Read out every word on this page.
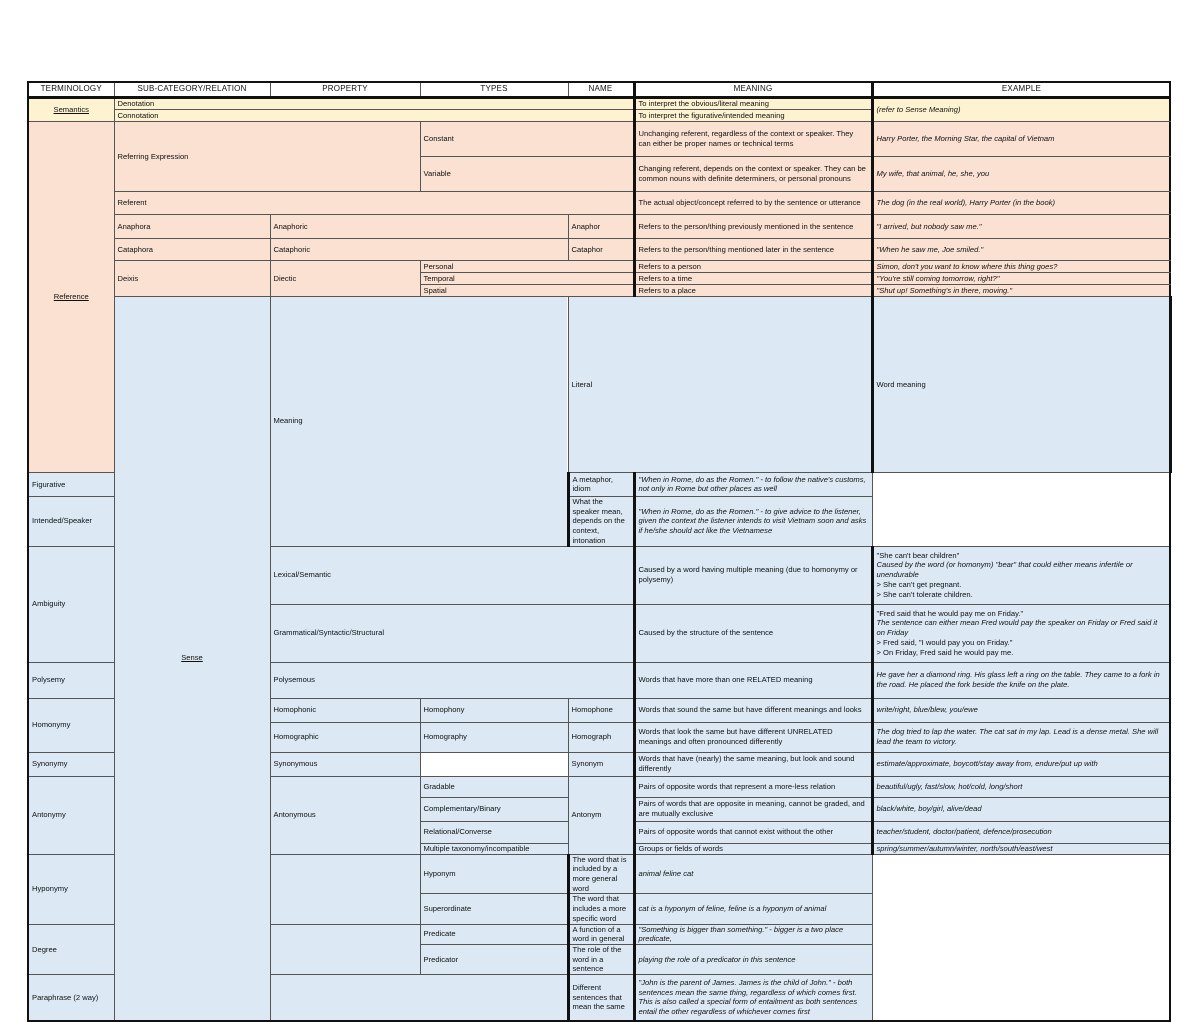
TERMINOLOGY	SUB-CATEGORY/RELATION	PROPERTY	TYPES	NAME	MEANING	EXAMPLE	
Semantics	Denotation				To interpret the obvious/literal meaning	(refer to Sense Meaning)	
	Connotation				To interpret the figurative/intended meaning		
Reference	Referring Expression		Constant		Unchanging referent, regardless of the context or speaker. They can either be proper names or technical terms	Harry Porter, the Morning Star, the capital of Vietnam	
			Variable		Changing referent, depends on the context or speaker. They can be common nouns with definite determiners, or personal pronouns	My wife, that animal, he, she, you	
	Referent				The actual object/concept referred to by the sentence or utterance	The dog (in the real world), Harry Porter (in the book)	
	Anaphora	Anaphoric		Anaphor	Refers to the person/thing previously mentioned in the sentence	"I arrived, but nobody saw me."	
	Cataphora	Cataphoric		Cataphor	Refers to the person/thing mentioned later in the sentence	"When he saw me, Joe smiled."	
	Deixis	Diectic	Personal		Refers to a person	Simon, don't you want to know where this thing goes?	
			Temporal		Refers to a time	"You're still coming tomorrow, right?"	
			Spatial		Refers to a place	"Shut up! Something's in there, moving."	
	Sense	Meaning		Literal		Word meaning	
Figurative				A metaphor, idiom	"When in Rome, do as the Romen." - to follow the native's customs, not only in Rome but other places as well		
Intended/Speaker				What the speaker mean, depends on the context, intonation	"When in Rome, do as the Romen." - to give advice to the listener, given the context the listener intends to visit Vietnam soon and asks if he/she should act like the Vietnamese		
Ambiguity		Lexical/Semantic			Caused by a word having multiple meaning (due to homonymy or polysemy)	"She can't bear children"
Caused by the word (or homonym) "bear" that could either means infertile or unendurable
> She can't get pregnant.
> She can't tolerate children.	

		Grammatical/Syntactic/Structural			Caused by the structure of the sentence	"Fred said that he would pay me on Friday."
The sentence can either mean Fred would pay the speaker on Friday or Fred said it on Friday
> Fred said, "I would pay you on Friday."
> On Friday, Fred said he would pay me.	

Polysemy		Polysemous			Words that have more than one RELATED meaning	He gave her a diamond ring. His glass left a ring on the table. They came to a fork in the road. He placed the fork beside the knife on the plate.	
Homonymy		Homophonic	Homophony	Homophone	Words that sound the same but have different meanings and looks	write/right, blue/blew, you/ewe	
		Homographic	Homography	Homograph	Words that look the same but have different UNRELATED meanings and often pronounced differently	The dog tried to lap the water. The cat sat in my lap. Lead is a dense metal. She will lead the team to victory.	
Synonymy		Synonymous		Synonym	Words that have (nearly) the same meaning, but look and sound differently	estimate/approximate, boycott/stay away from, endure/put up with	
Antonymy		Antonymous	Gradable	Antonym	Pairs of opposite words that represent a more-less relation	beautiful/ugly, fast/slow, hot/cold, long/short	
			Complementary/Binary		Pairs of words that are opposite in meaning, cannot be graded, and are mutually exclusive	black/white, boy/girl, alive/dead	
			Relational/Converse		Pairs of opposite words that cannot exist without the other	teacher/student, doctor/patient, defence/prosecution	
			Multiple taxonomy/incompatible		Groups or fields of words	spring/summer/autumn/winter, north/south/east/west	
Hyponymy			Hyponym	The word that is included by a more general word	animal feline cat		
			Superordinate	The word that includes a more specific word	cat is a hyponym of feline, feline is a hyponym of animal		
Degree			Predicate	A function of a word in general	"Something is bigger than something." - bigger is a two place predicate,		
			Predicator	The role of the word in a sentence	playing the role of a predicator in this sentence		
Paraphrase (2 way)				Different sentences that mean the same	"John is the parent of James. James is the child of John." - both sentences mean the same thing, regardless of which comes first. This is also called a special form of entailment as both sentences entail the other regardless of whichever comes first		
